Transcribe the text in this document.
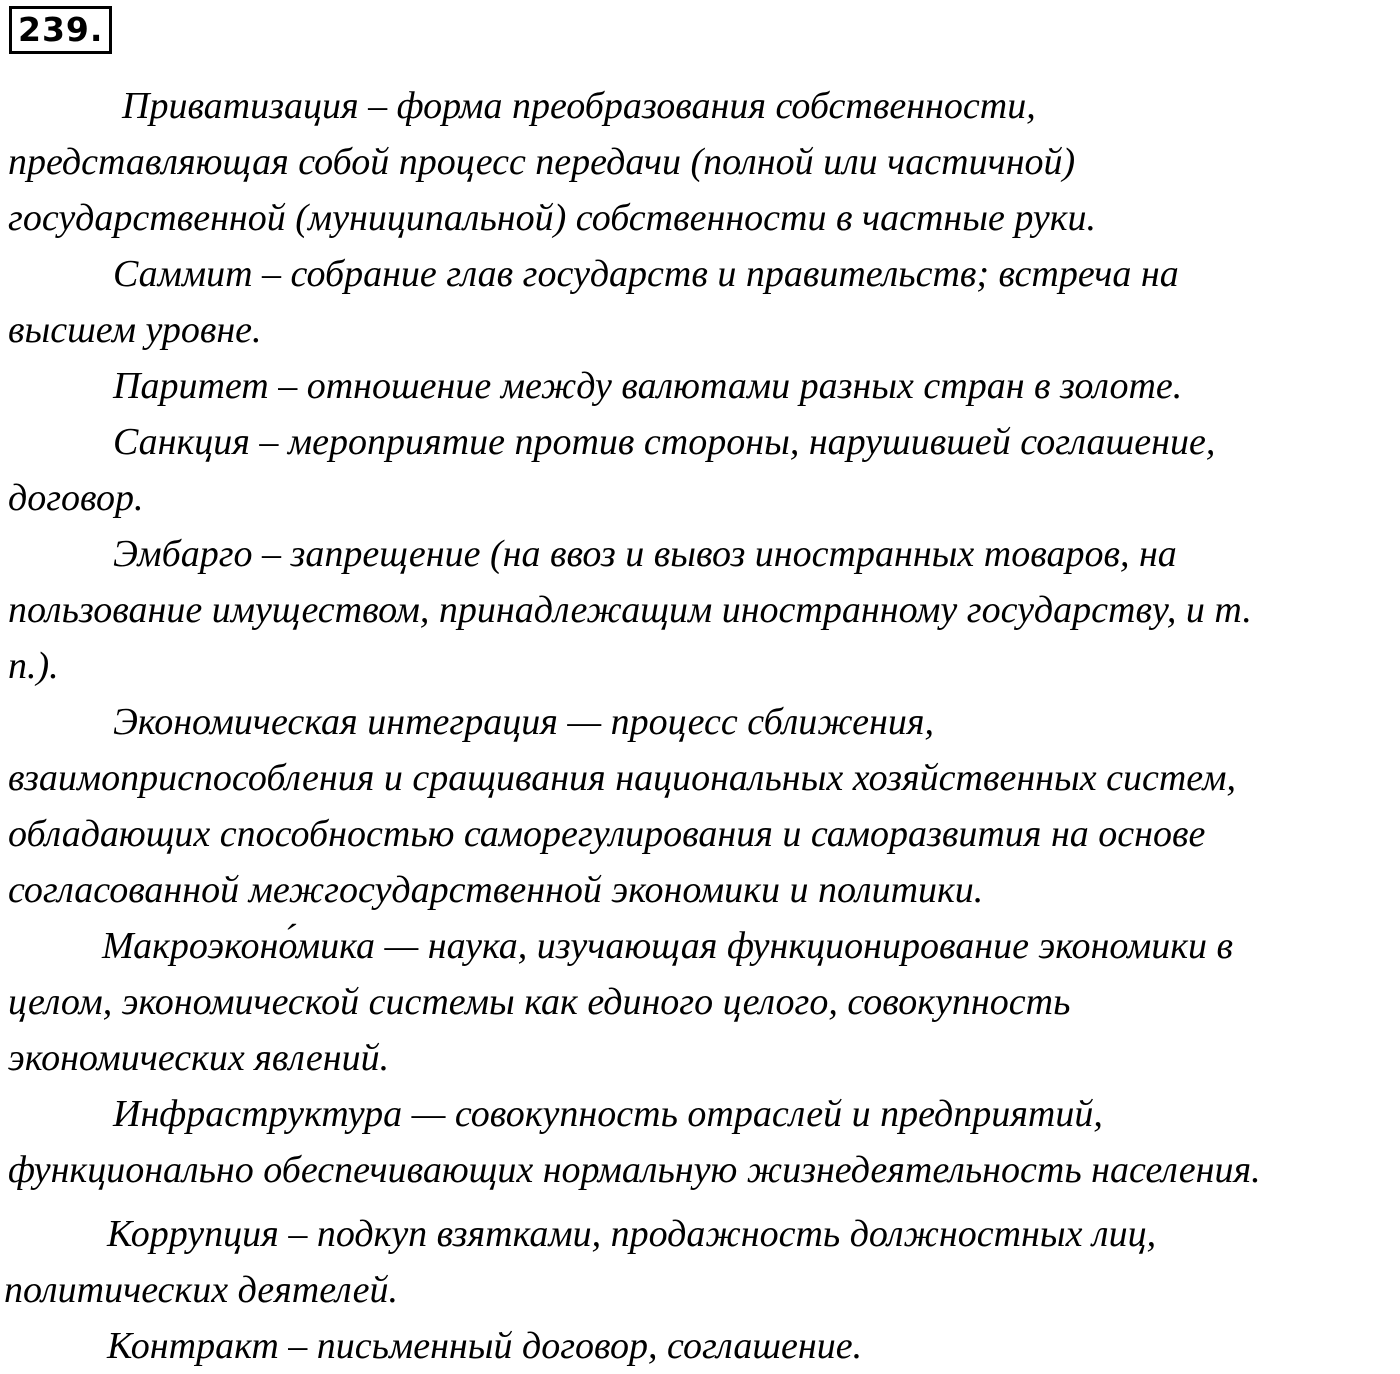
239.
Приватизация – форма преобразования собственности,
представляющая собой процесс передачи (полной или частичной)
государственной (муниципальной) собственности в частные руки.
Саммит – собрание глав государств и правительств; встреча на
высшем уровне.
Паритет – отношение между валютами разных стран в золоте.
Санкция – мероприятие против стороны, нарушившей соглашение,
договор.
Эмбарго – запрещение (на ввоз и вывоз иностранных товаров, на
пользование имуществом, принадлежащим иностранному государству, и т.
п.).
Экономическая интеграция — процесс сближения,
взаимоприспособления и сращивания национальных хозяйственных систем,
обладающих способностью саморегулирования и саморазвития на основе
согласованной межгосударственной экономики и политики.
Макроэконо́мика — наука, изучающая функционирование экономики в
целом, экономической системы как единого целого, совокупность
экономических явлений.
Инфраструктура — совокупность отраслей и предприятий,
функционально обеспечивающих нормальную жизнедеятельность населения.
Коррупция – подкуп взятками, продажность должностных лиц,
политических деятелей.
Контракт – письменный договор, соглашение.
